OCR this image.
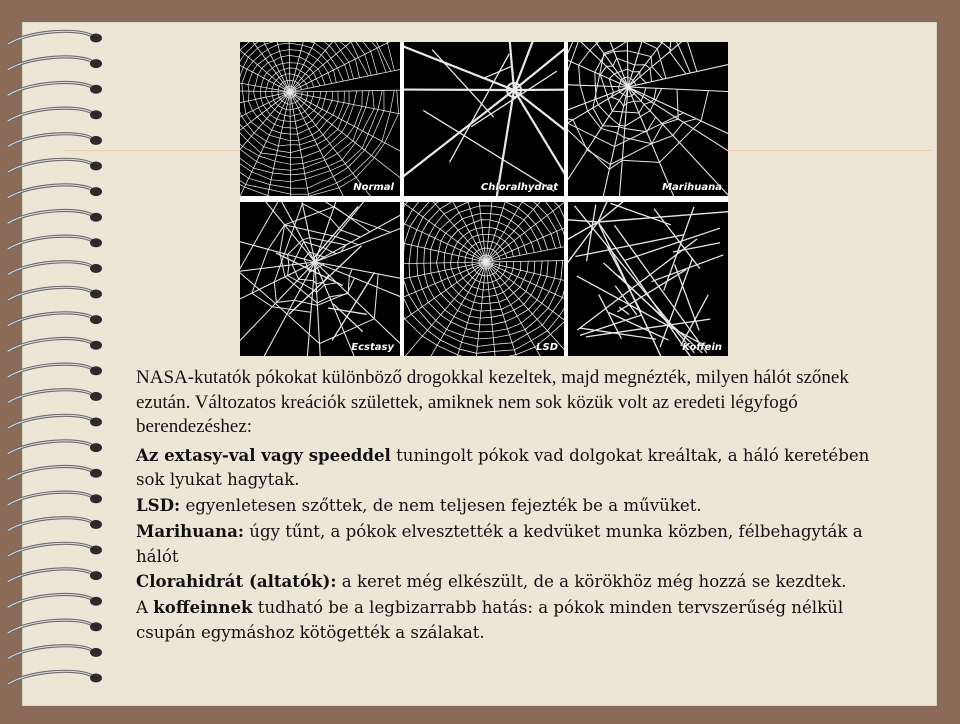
Normal	Chloralhydrat	Marihuana
Ecstasy	LSD	Koffein

NASA-kutatók pókokat különböző drogokkal kezeltek, majd megnézték, milyen hálót szőnek ezután. Változatos kreációk születtek, amiknek nem sok közük volt az eredeti légyfogó berendezéshez:

Az extasy-val vagy speeddel tuningolt pókok vad dolgokat kreáltak, a háló keretében sok lyukat hagytak.

LSD: egyenletesen szőttek, de nem teljesen fejezték be a művüket.

Marihuana: úgy tűnt, a pókok elvesztették a kedvüket munka közben, félbehagyták a hálót

Clorahidrát (altatók): a keret még elkészült, de a körökhöz még hozzá se kezdtek.

A koffeinnek tudható be a legbizarrabb hatás: a pókok minden tervszerűség nélkül csupán egymáshoz kötögették a szálakat.
